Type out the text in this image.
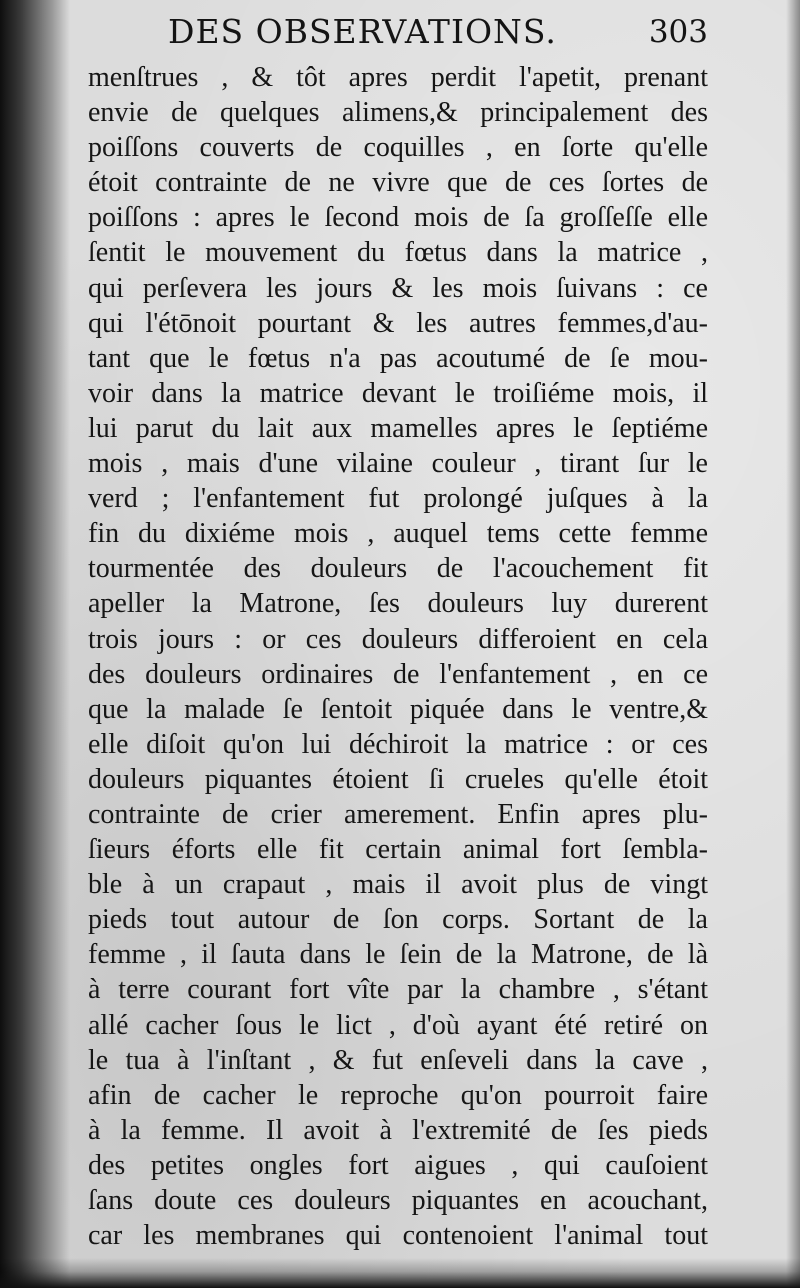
DES OBSERVATIONS.	303
menſtrues , & tôt apres perdit l'apetit, prenant
envie de quelques alimens,& principalement des
poiſſons couverts de coquilles , en ſorte qu'elle
étoit contrainte de ne vivre que de ces ſortes de
poiſſons : apres le ſecond mois de ſa groſſeſſe elle
ſentit le mouvement du fœtus dans la matrice ,
qui perſevera les jours & les mois ſuivans : ce
qui l'étōnoit pourtant & les autres femmes,d'au-
tant que le fœtus n'a pas acoutumé de ſe mou-
voir dans la matrice devant le troiſiéme mois, il
lui parut du lait aux mamelles apres le ſeptiéme
mois , mais d'une vilaine couleur , tirant ſur le
verd ; l'enfantement fut prolongé juſques à la
fin du dixiéme mois , auquel tems cette femme
tourmentée des douleurs de l'acouchement fit
apeller la Matrone, ſes douleurs luy durerent
trois jours : or ces douleurs differoient en cela
des douleurs ordinaires de l'enfantement , en ce
que la malade ſe ſentoit piquée dans le ventre,&
elle diſoit qu'on lui déchiroit la matrice : or ces
douleurs piquantes étoient ſi crueles qu'elle étoit
contrainte de crier amerement. Enfin apres plu-
ſieurs éforts elle fit certain animal fort ſembla-
ble à un crapaut , mais il avoit plus de vingt
pieds tout autour de ſon corps. Sortant de la
femme , il ſauta dans le ſein de la Matrone, de là
à terre courant fort vîte par la chambre , s'étant
allé cacher ſous le lict , d'où ayant été retiré on
le tua à l'inſtant , & fut enſeveli dans la cave ,
afin de cacher le reproche qu'on pourroit faire
à la femme. Il avoit à l'extremité de ſes pieds
des petites ongles fort aigues , qui cauſoient
ſans doute ces douleurs piquantes en acouchant,
car les membranes qui contenoient l'animal tout
